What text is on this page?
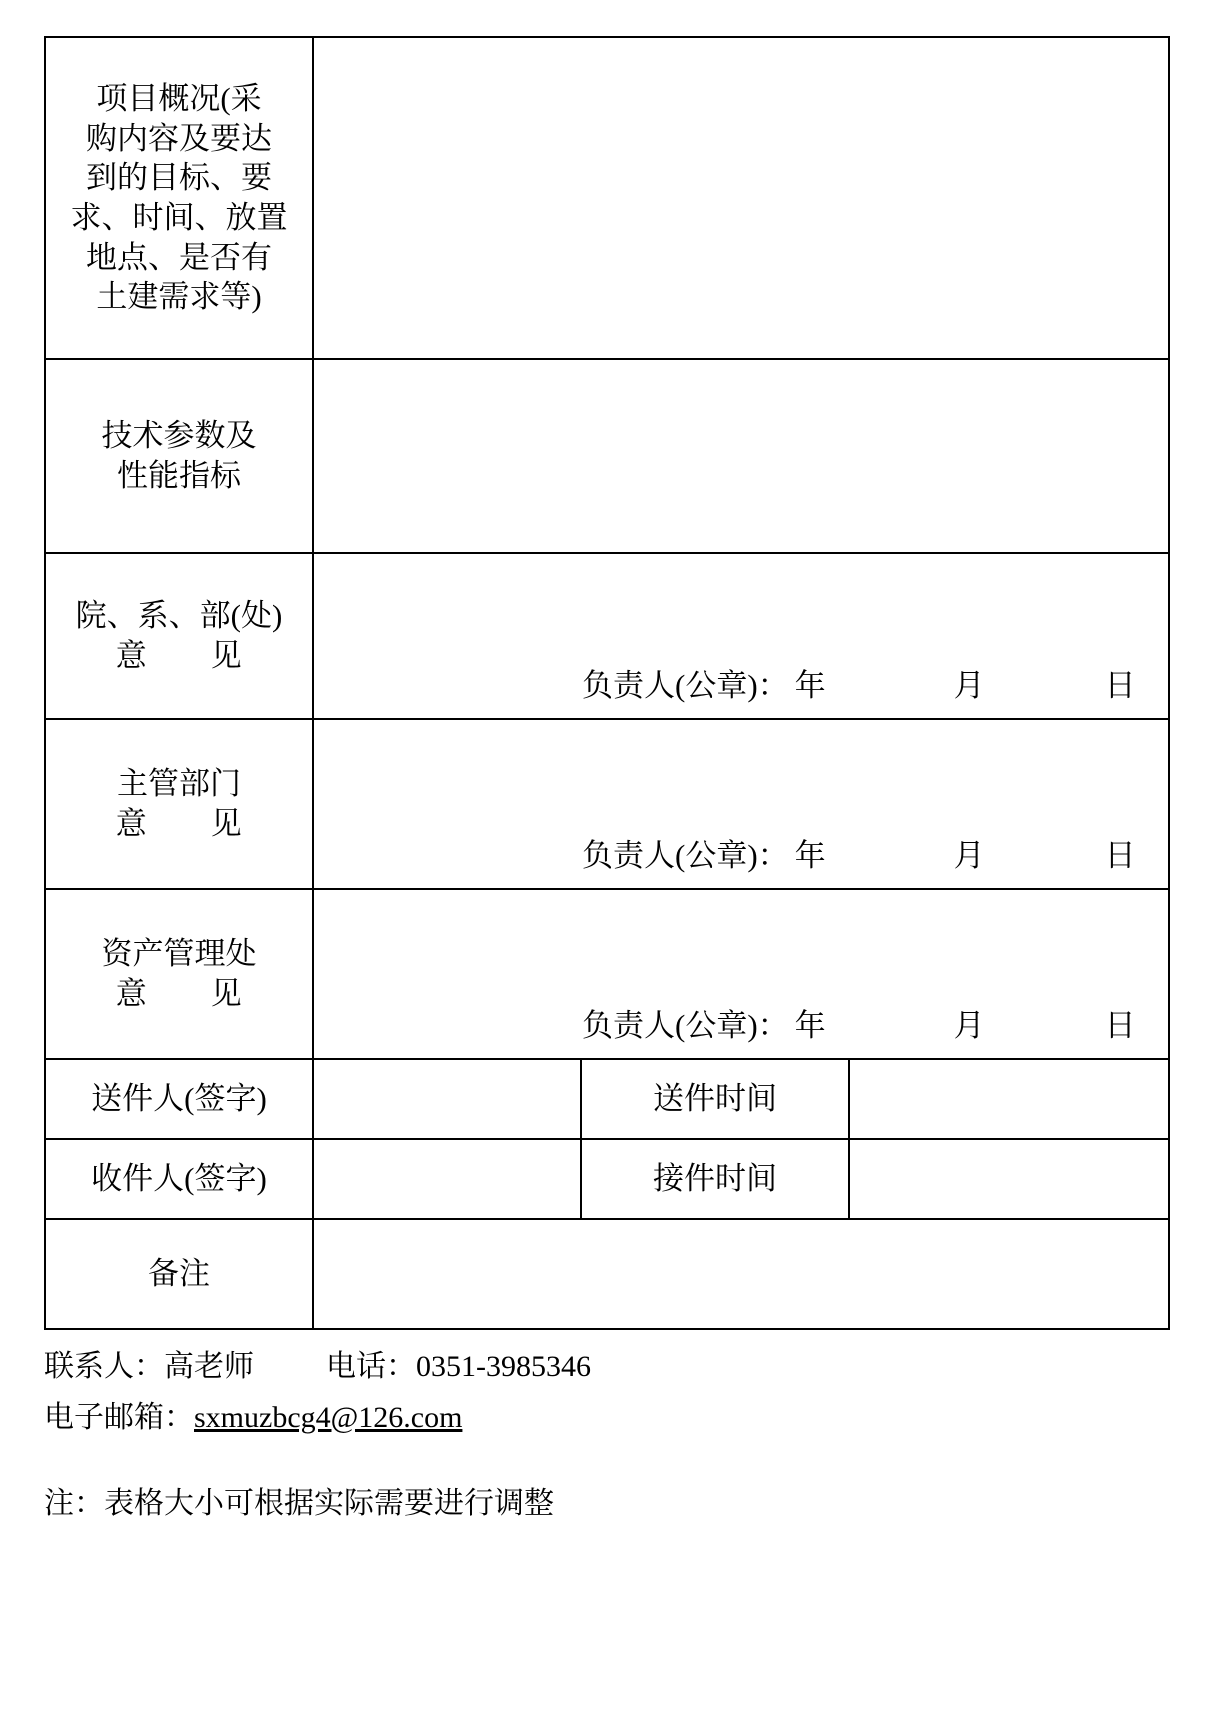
项目概况(采
购内容及要达
到的目标、要
求、时间、放置
地点、是否有
土建需求等)

技术参数及
性能指标			

院、系、部(处)
意　　见	负责人(公章)： 年 月 日		

主管部门
意　　见	负责人(公章)： 年 月 日		

资产管理处
意　　见	负责人(公章)： 年 月 日		

送件人(签字)		送件时间	
收件人(签字)		接件时间	
备注			
联系人：高老师 电话：0351-3985346
电子邮箱：sxmuzbcg4@126.com
注：表格大小可根据实际需要进行调整
